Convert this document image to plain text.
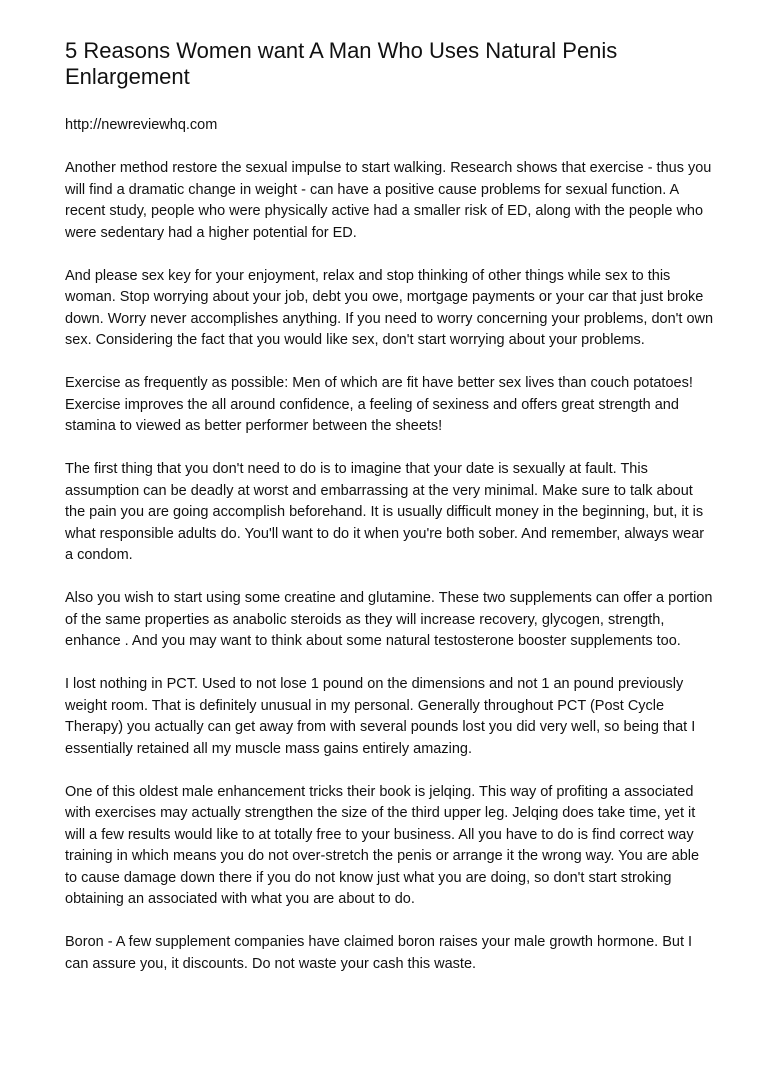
5 Reasons Women want A Man Who Uses Natural Penis Enlargement

http://newreviewhq.com

Another method restore the sexual impulse to start walking. Research shows that exercise - thus you will find a dramatic change in weight - can have a positive cause problems for sexual function. A recent study, people who were physically active had a smaller risk of ED, along with the people who were sedentary had a higher potential for ED.

And please sex key for your enjoyment, relax and stop thinking of other things while sex to this woman. Stop worrying about your job, debt you owe, mortgage payments or your car that just broke down. Worry never accomplishes anything. If you need to worry concerning your problems, don't own sex. Considering the fact that you would like sex, don't start worrying about your problems.

Exercise as frequently as possible: Men of which are fit have better sex lives than couch potatoes! Exercise improves the all around confidence, a feeling of sexiness and offers great strength and stamina to viewed as better performer between the sheets!

The first thing that you don't need to do is to imagine that your date is sexually at fault. This assumption can be deadly at worst and embarrassing at the very minimal. Make sure to talk about the pain you are going accomplish beforehand. It is usually difficult money in the beginning, but, it is what responsible adults do. You'll want to do it when you're both sober. And remember, always wear a condom.

Also you wish to start using some creatine and glutamine. These two supplements can offer a portion of the same properties as anabolic steroids as they will increase recovery, glycogen, strength, enhance . And you may want to think about some natural testosterone booster supplements too.

I lost nothing in PCT. Used to not lose 1 pound on the dimensions and not 1 an pound previously weight room. That is definitely unusual in my personal. Generally throughout PCT (Post Cycle Therapy) you actually can get away from with several pounds lost you did very well, so being that I essentially retained all my muscle mass gains entirely amazing.

One of this oldest male enhancement tricks their book is jelqing. This way of profiting a associated with exercises may actually strengthen the size of the third upper leg. Jelqing does take time, yet it will a few results would like to at totally free to your business. All you have to do is find correct way training in which means you do not over-stretch the penis or arrange it the wrong way. You are able to cause damage down there if you do not know just what you are doing, so don't start stroking obtaining an associated with what you are about to do.

Boron - A few supplement companies have claimed boron raises your male growth hormone. But I can assure you, it discounts. Do not waste your cash this waste.
